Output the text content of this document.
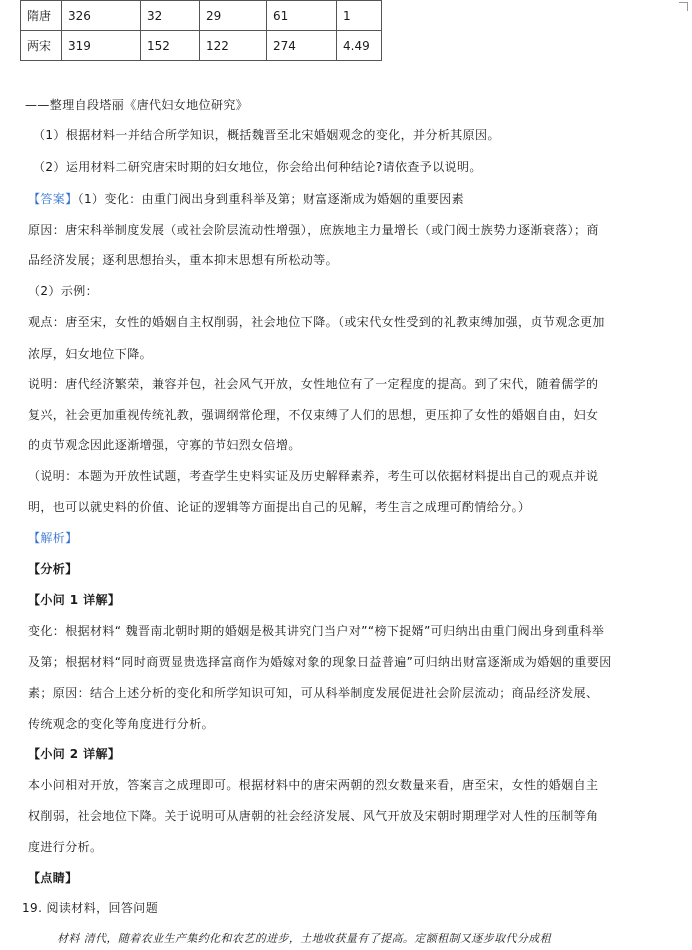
隋唐	326	32	29	61	1
两宋	319	152	122	274	4.49
——整理自段塔丽《唐代妇女地位研究》
（1）根据材料一并结合所学知识，概括魏晋至北宋婚姻观念的变化，并分析其原因。
（2）运用材料二研究唐宋时期的妇女地位，你会给出何种结论?请依查予以说明。
【答案】（1）变化：由重门阀出身到重科举及第；财富逐渐成为婚姻的重要因素
原因：唐宋科举制度发展（或社会阶层流动性增强），庶族地主力量增长（或门阀士族势力逐渐衰落）；商
品经济发展；逐利思想抬头，重本抑末思想有所松动等。
（2）示例：
观点：唐至宋，女性的婚姻自主权削弱，社会地位下降。（或宋代女性受到的礼教束缚加强，贞节观念更加
浓厚，妇女地位下降。
说明：唐代经济繁荣，兼容并包，社会风气开放，女性地位有了一定程度的提高。到了宋代，随着儒学的
复兴，社会更加重视传统礼教，强调纲常伦理，不仅束缚了人们的思想，更压抑了女性的婚姻自由，妇女
的贞节观念因此逐渐增强，守寡的节妇烈女倍增。
（说明：本题为开放性试题，考查学生史料实证及历史解释素养，考生可以依据材料提出自己的观点并说
明，也可以就史料的价值、论证的逻辑等方面提出自己的见解，考生言之成理可酌情给分。）
【解析】
【分析】
【小问 1 详解】
变化：根据材料“ 魏晋南北朝时期的婚姻是极其讲究门当户对”“榜下捉婿”可归纳出由重门阀出身到重科举
及第；根据材料“同时商贾显贵选择富商作为婚嫁对象的现象日益普遍”可归纳出财富逐渐成为婚姻的重要因
素；原因：结合上述分析的变化和所学知识可知，可从科举制度发展促进社会阶层流动；商品经济发展、
传统观念的变化等角度进行分析。
【小问 2 详解】
本小问相对开放，答案言之成理即可。根据材料中的唐宋两朝的烈女数量来看，唐至宋，女性的婚姻自主
权削弱，社会地位下降。关于说明可从唐朝的社会经济发展、风气开放及宋朝时期理学对人性的压制等角
度进行分析。
【点睛】
19. 阅读材料，回答问题
材料 清代，随着农业生产集约化和农艺的进步，土地收获量有了提高。定额租制又逐步取代分成租
